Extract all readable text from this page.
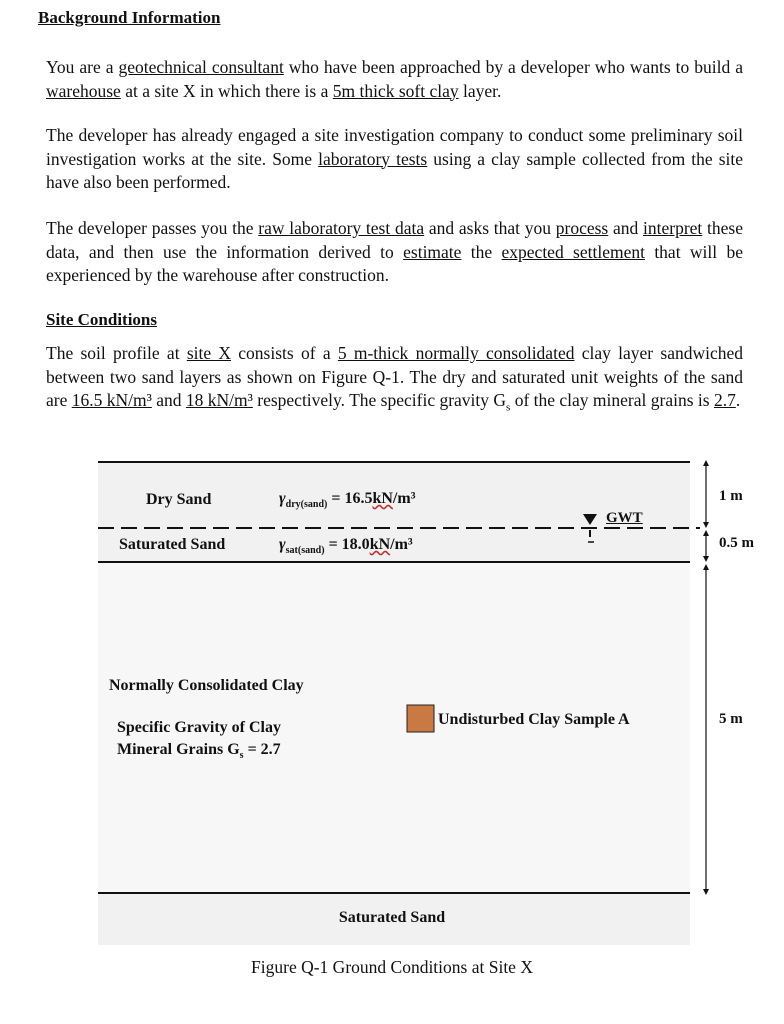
Background Information

You are a geotechnical consultant who have been approached by a developer who wants to build a warehouse at a site X in which there is a 5m thick soft clay layer.

The developer has already engaged a site investigation company to conduct some preliminary soil investigation works at the site. Some laboratory tests using a clay sample collected from the site have also been performed.

The developer passes you the raw laboratory test data and asks that you process and interpret these data, and then use the information derived to estimate the expected settlement that will be experienced by the warehouse after construction.

Site Conditions

The soil profile at site X consists of a 5 m-thick normally consolidated clay layer sandwiched between two sand layers as shown on Figure Q-1. The dry and saturated unit weights of the sand are 16.5 kN/m³ and 18 kN/m³ respectively. The specific gravity $G_s$ of the clay mineral grains is 2.7.

Dry Sand	$\gamma_{dry(sand)} = 16.5kN/m^3$
GWT
Saturated Sand	$\gamma_{sat(sand)} = 18.0kN/m^3$
1 m
0.5 m
5 m
Normally Consolidated Clay
Specific Gravity of Clay
Mineral Grains $G_s = 2.7$
Undisturbed Clay Sample A
Saturated Sand
Figure Q-1 Ground Conditions at Site X
